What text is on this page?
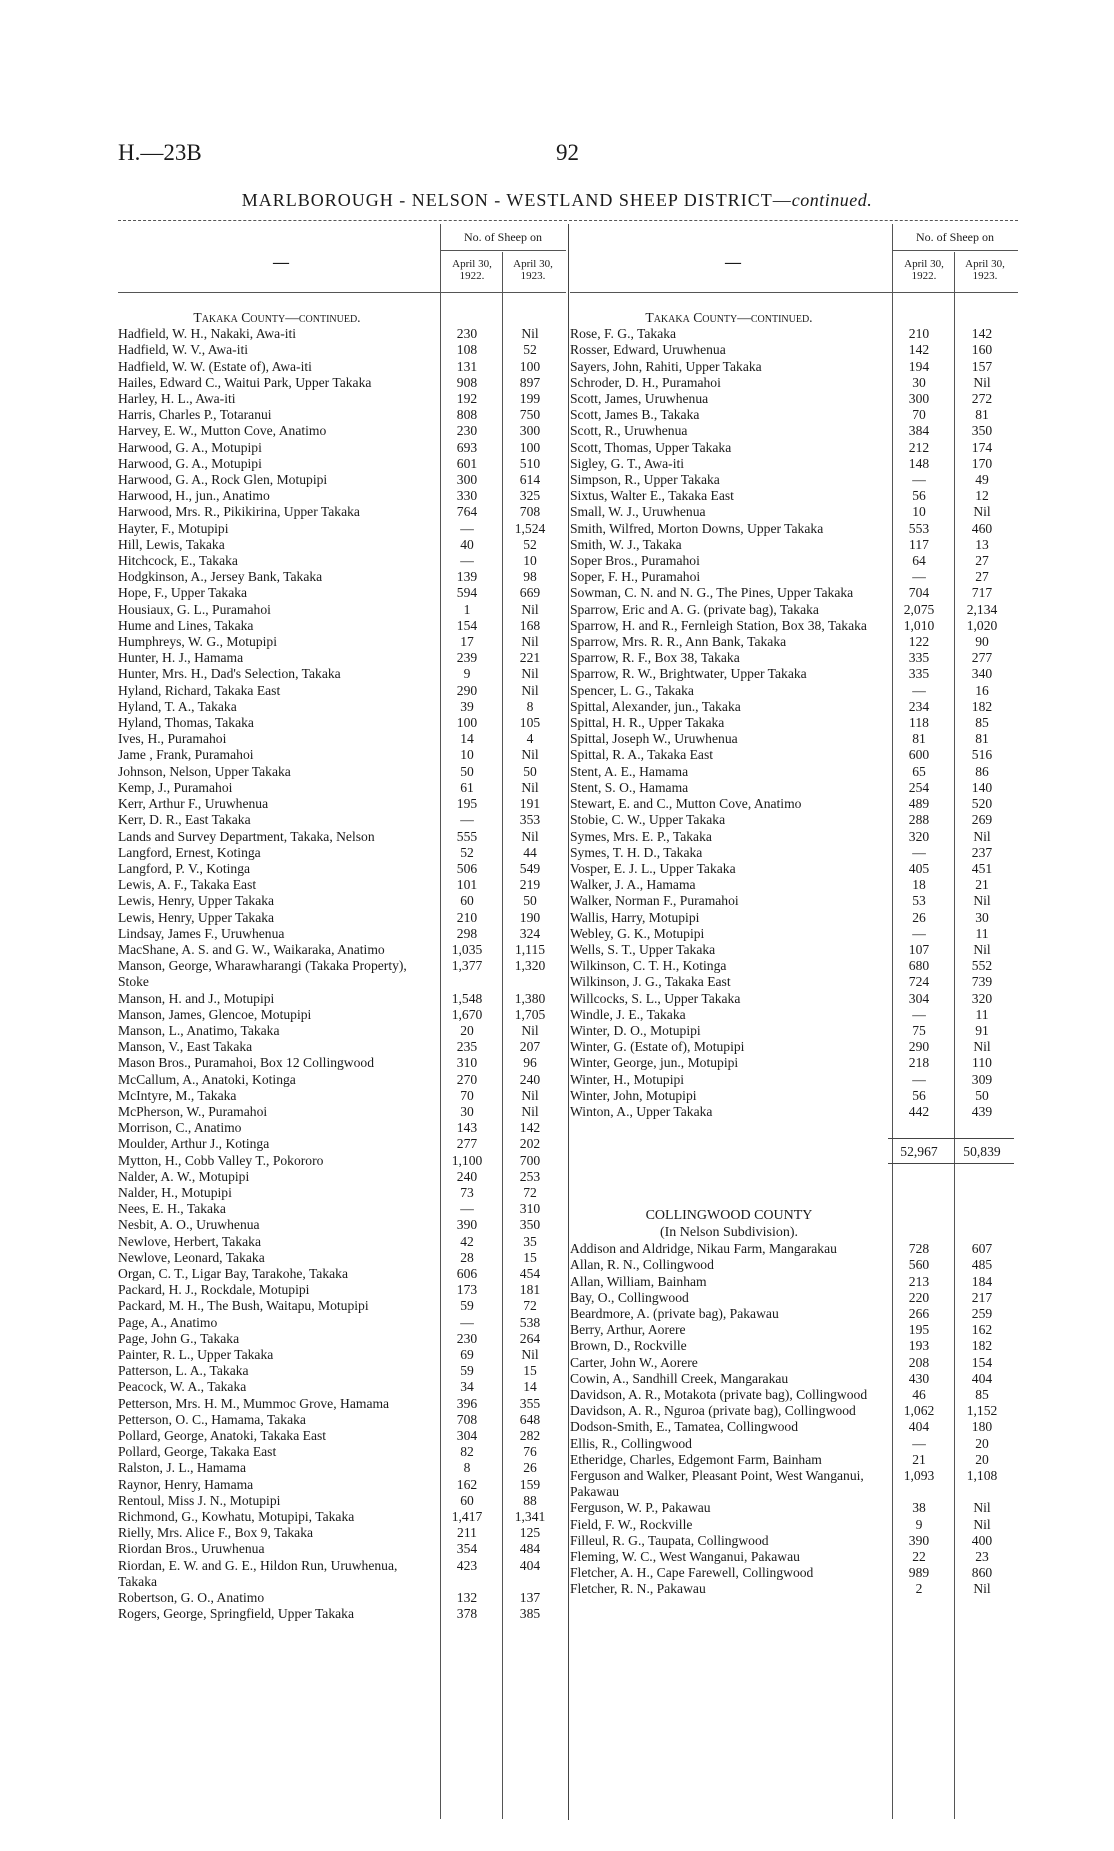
H.—23B	92
MARLBOROUGH - NELSON - WESTLAND SHEEP DISTRICT—continued.
—
No. of Sheep on
April 30, 1922.
April 30, 1923.
Takaka County—continued.
Hadfield, W. H., Nakaki, Awa-iti	230	Nil
Hadfield, W. V., Awa-iti	108	52
Hadfield, W. W. (Estate of), Awa-iti	131	100
Hailes, Edward C., Waitui Park, Upper Takaka	908	897
Harley, H. L., Awa-iti	192	199
Harris, Charles P., Totaranui	808	750
Harvey, E. W., Mutton Cove, Anatimo	230	300
Harwood, G. A., Motupipi	693	100
Harwood, G. A., Motupipi	601	510
Harwood, G. A., Rock Glen, Motupipi	300	614
Harwood, H., jun., Anatimo	330	325
Harwood, Mrs. R., Pikikirina, Upper Takaka	764	708
Hayter, F., Motupipi	—	1,524
Hill, Lewis, Takaka	40	52
Hitchcock, E., Takaka	—	10
Hodgkinson, A., Jersey Bank, Takaka	139	98
Hope, F., Upper Takaka	594	669
Housiaux, G. L., Puramahoi	1	Nil
Hume and Lines, Takaka	154	168
Humphreys, W. G., Motupipi	17	Nil
Hunter, H. J., Hamama	239	221
Hunter, Mrs. H., Dad's Selection, Takaka	9	Nil
Hyland, Richard, Takaka East	290	Nil
Hyland, T. A., Takaka	39	8
Hyland, Thomas, Takaka	100	105
Ives, H., Puramahoi	14	4
Jame , Frank, Puramahoi	10	Nil
Johnson, Nelson, Upper Takaka	50	50
Kemp, J., Puramahoi	61	Nil
Kerr, Arthur F., Uruwhenua	195	191
Kerr, D. R., East Takaka	—	353
Lands and Survey Department, Takaka, Nelson	555	Nil
Langford, Ernest, Kotinga	52	44
Langford, P. V., Kotinga	506	549
Lewis, A. F., Takaka East	101	219
Lewis, Henry, Upper Takaka	60	50
Lewis, Henry, Upper Takaka	210	190
Lindsay, James F., Uruwhenua	298	324
MacShane, A. S. and G. W., Waikaraka, Anatimo	1,035	1,115
Manson, George, Wharawharangi (Takaka Property), Stoke
1,377	1,320
Manson, H. and J., Motupipi	1,548	1,380
Manson, James, Glencoe, Motupipi	1,670	1,705
Manson, L., Anatimo, Takaka	20	Nil
Manson, V., East Takaka	235	207
Mason Bros., Puramahoi, Box 12 Collingwood	310	96
McCallum, A., Anatoki, Kotinga	270	240
McIntyre, M., Takaka	70	Nil
McPherson, W., Puramahoi	30	Nil
Morrison, C., Anatimo	143	142
Moulder, Arthur J., Kotinga	277	202
Mytton, H., Cobb Valley T., Pokororo	1,100	700
Nalder, A. W., Motupipi	240	253
Nalder, H., Motupipi	73	72
Nees, E. H., Takaka	—	310
Nesbit, A. O., Uruwhenua	390	350
Newlove, Herbert, Takaka	42	35
Newlove, Leonard, Takaka	28	15
Organ, C. T., Ligar Bay, Tarakohe, Takaka	606	454
Packard, H. J., Rockdale, Motupipi	173	181
Packard, M. H., The Bush, Waitapu, Motupipi	59	72
Page, A., Anatimo	—	538
Page, John G., Takaka	230	264
Painter, R. L., Upper Takaka	69	Nil
Patterson, L. A., Takaka	59	15
Peacock, W. A., Takaka	34	14
Petterson, Mrs. H. M., Mummoc Grove, Hamama	396	355
Petterson, O. C., Hamama, Takaka	708	648
Pollard, George, Anatoki, Takaka East	304	282
Pollard, George, Takaka East	82	76
Ralston, J. L., Hamama	8	26
Raynor, Henry, Hamama	162	159
Rentoul, Miss J. N., Motupipi	60	88
Richmond, G., Kowhatu, Motupipi, Takaka	1,417	1,341
Rielly, Mrs. Alice F., Box 9, Takaka	211	125
Riordan Bros., Uruwhenua	354	484
Riordan, E. W. and G. E., Hildon Run, Uruwhenua, Takaka
423	404
Robertson, G. O., Anatimo	132	137
Rogers, George, Springfield, Upper Takaka	378	385
—
No. of Sheep on
April 30, 1922.
April 30, 1923.
Takaka County—continued.
Rose, F. G., Takaka	210	142
Rosser, Edward, Uruwhenua	142	160
Sayers, John, Rahiti, Upper Takaka	194	157
Schroder, D. H., Puramahoi	30	Nil
Scott, James, Uruwhenua	300	272
Scott, James B., Takaka	70	81
Scott, R., Uruwhenua	384	350
Scott, Thomas, Upper Takaka	212	174
Sigley, G. T., Awa-iti	148	170
Simpson, R., Upper Takaka	—	49
Sixtus, Walter E., Takaka East	56	12
Small, W. J., Uruwhenua	10	Nil
Smith, Wilfred, Morton Downs, Upper Takaka	553	460
Smith, W. J., Takaka	117	13
Soper Bros., Puramahoi	64	27
Soper, F. H., Puramahoi	—	27
Sowman, C. N. and N. G., The Pines, Upper Takaka	704	717
Sparrow, Eric and A. G. (private bag), Takaka	2,075	2,134
Sparrow, H. and R., Fernleigh Station, Box 38, Takaka	1,010	1,020
Sparrow, Mrs. R. R., Ann Bank, Takaka	122	90
Sparrow, R. F., Box 38, Takaka	335	277
Sparrow, R. W., Brightwater, Upper Takaka	335	340
Spencer, L. G., Takaka	—	16
Spittal, Alexander, jun., Takaka	234	182
Spittal, H. R., Upper Takaka	118	85
Spittal, Joseph W., Uruwhenua	81	81
Spittal, R. A., Takaka East	600	516
Stent, A. E., Hamama	65	86
Stent, S. O., Hamama	254	140
Stewart, E. and C., Mutton Cove, Anatimo	489	520
Stobie, C. W., Upper Takaka	288	269
Symes, Mrs. E. P., Takaka	320	Nil
Symes, T. H. D., Takaka	—	237
Vosper, E. J. L., Upper Takaka	405	451
Walker, J. A., Hamama	18	21
Walker, Norman F., Puramahoi	53	Nil
Wallis, Harry, Motupipi	26	30
Webley, G. K., Motupipi	—	11
Wells, S. T., Upper Takaka	107	Nil
Wilkinson, C. T. H., Kotinga	680	552
Wilkinson, J. G., Takaka East	724	739
Willcocks, S. L., Upper Takaka	304	320
Windle, J. E., Takaka	—	11
Winter, D. O., Motupipi	75	91
Winter, G. (Estate of), Motupipi	290	Nil
Winter, George, jun., Motupipi	218	110
Winter, H., Motupipi	—	309
Winter, John, Motupipi	56	50
Winton, A., Upper Takaka	442	439
52,967	50,839
COLLINGWOOD COUNTY
(In Nelson Subdivision).
Addison and Aldridge, Nikau Farm, Mangarakau	728	607
Allan, R. N., Collingwood	560	485
Allan, William, Bainham	213	184
Bay, O., Collingwood	220	217
Beardmore, A. (private bag), Pakawau	266	259
Berry, Arthur, Aorere	195	162
Brown, D., Rockville	193	182
Carter, John W., Aorere	208	154
Cowin, A., Sandhill Creek, Mangarakau	430	404
Davidson, A. R., Motakota (private bag), Collingwood	46	85
Davidson, A. R., Nguroa (private bag), Collingwood	1,062	1,152
Dodson-Smith, E., Tamatea, Collingwood	404	180
Ellis, R., Collingwood	—	20
Etheridge, Charles, Edgemont Farm, Bainham	21	20
Ferguson and Walker, Pleasant Point, West Wanganui, Pakawau
1,093	1,108
Ferguson, W. P., Pakawau	38	Nil
Field, F. W., Rockville	9	Nil
Filleul, R. G., Taupata, Collingwood	390	400
Fleming, W. C., West Wanganui, Pakawau	22	23
Fletcher, A. H., Cape Farewell, Collingwood	989	860
Fletcher, R. N., Pakawau	2	Nil
